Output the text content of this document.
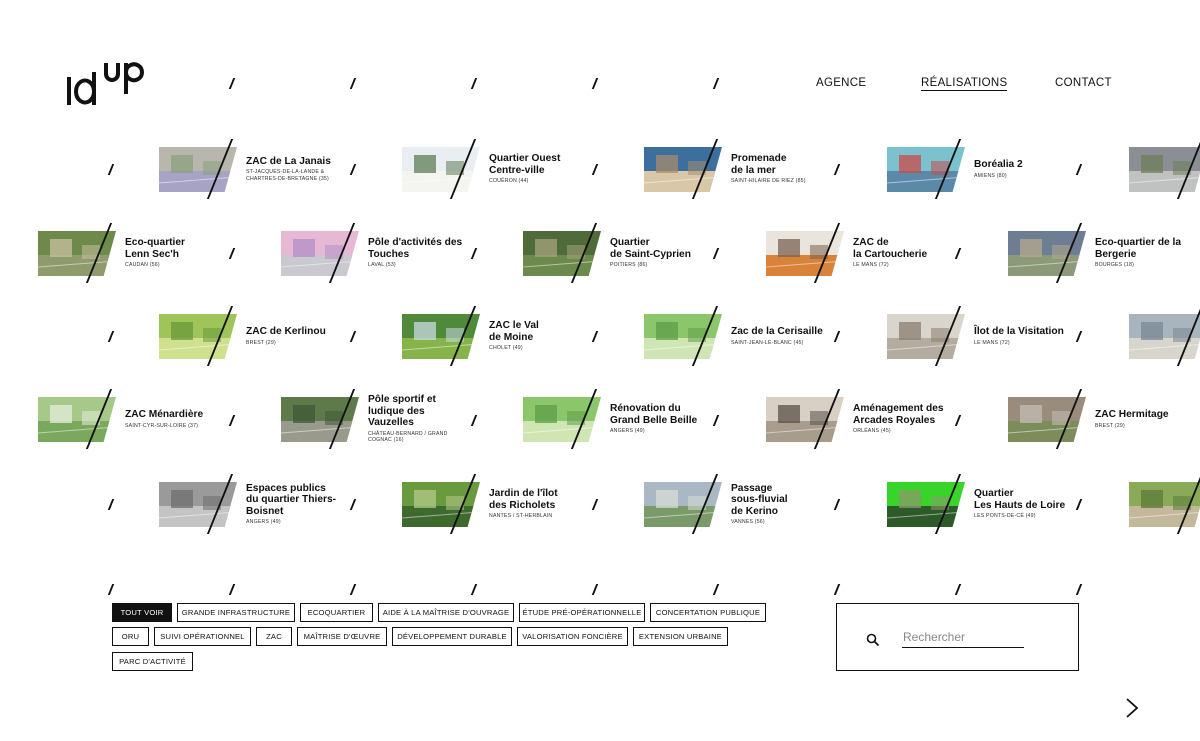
AGENCE	RÉALISATIONS	CONTACT
ZAC de La Janais
ST-JACQUES-DE-LA-LANDE &
CHARTRES-DE-BRETAGNE (35)
Quartier Ouest
Centre-ville
COUËRON (44)
Promenade
de la mer
SAINT-HILAIRE DE RIEZ (85)
Boréalia 2
AMIENS (80)
Eco-quartier
Lenn Sec'h
CAUDAN (56)
Pôle d'activités des
Touches
LAVAL (53)
Quartier
de Saint-Cyprien
POITIERS (86)
ZAC de
la Cartoucherie
LE MANS (72)
Eco-quartier de la
Bergerie
BOURGES (18)
ZAC de Kerlinou
BREST (29)
ZAC le Val
de Moine
CHOLET (49)
Zac de la Cerisaille
SAINT-JEAN-LE-BLANC (45)
Îlot de la Visitation
LE MANS (72)
ZAC Ménardière
SAINT-CYR-SUR-LOIRE (37)
Pôle sportif et
ludique des
Vauzelles
CHÂTEAU-BERNARD / GRAND
COGNAC (16)
Rénovation du
Grand Belle Beille
ANGERS (49)
Aménagement des
Arcades Royales
ORLÉANS (45)
ZAC Hermitage
BREST (29)
Espaces publics
du quartier Thiers-
Boisnet
ANGERS (49)
Jardin de l'îlot
des Richolets
NANTES / ST-HERBLAIN
Passage
sous-fluvial
de Kerino
VANNES (56)
Quartier
Les Hauts de Loire
LES PONTS-DE-CÉ (49)
TOUT VOIR	GRANDE INFRASTRUCTURE	ECOQUARTIER	AIDE À LA MAÎTRISE D'OUVRAGE	ÉTUDE PRÉ-OPÉRATIONNELLE	CONCERTATION PUBLIQUE
ORU	SUIVI OPÉRATIONNEL	ZAC	MAÎTRISE D'ŒUVRE	DÉVELOPPEMENT DURABLE	VALORISATION FONCIÈRE	EXTENSION URBAINE
PARC D'ACTIVITÉ
Rechercher
